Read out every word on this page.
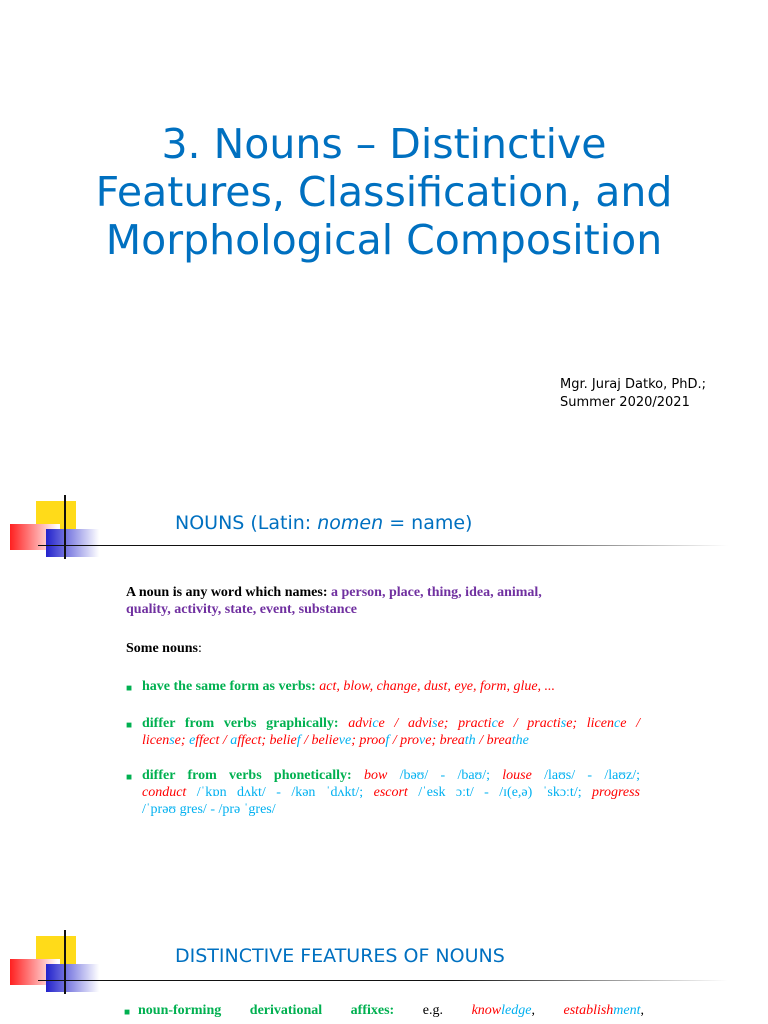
3. Nouns – Distinctive
Features, Classification, and
Morphological Composition
Mgr. Juraj Datko, PhD.;
Summer 2020/2021
NOUNS (Latin: nomen = name)
A noun is any word which names: a person, place, thing, idea, animal,
quality, activity, state, event, substance
Some nouns:
■ have the same form as verbs: act, blow, change, dust, eye, form, glue, ...
■ differ from verbs graphically: advice / advise; practice / practise; licence /
license; effect / affect; belief / believe; proof / prove; breath / breathe
■ differ from verbs phonetically: bow /bəʊ/ - /baʊ/; louse /laʊs/ - /laʊz/;
conduct /ˈkɒn dʌkt/ - /kən ˈdʌkt/; escort /ˈesk ɔːt/ - /ɪ(e,ə) ˈskɔːt/; progress
/ˈprəʊ gres/ - /prə ˈgres/
DISTINCTIVE FEATURES OF NOUNS
■ noun-forming derivational affixes: e.g. knowledge, establishment,
